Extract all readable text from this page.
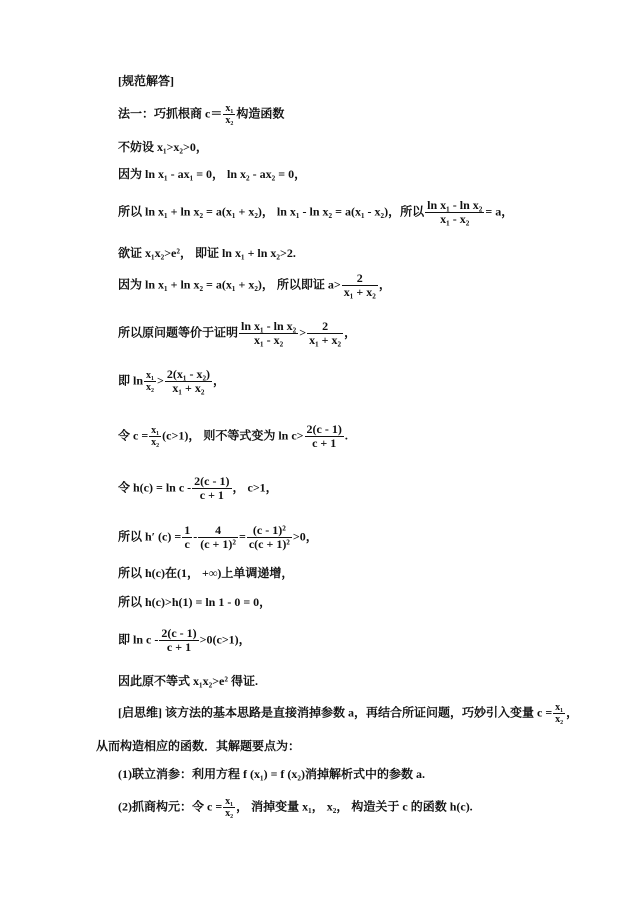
[规范解答]
法一：巧抓根商 $c= \frac{\text{x₁}}{\text{x₂}}$ 构造函数
不妨设 x₁>x₂>0，
因为 ln x₁ - ax₁ = 0， ln x₂ - ax₂ = 0，
所以 ln x₁ + ln x₂ = a(x₁ + x₂)， ln x₁ - ln x₂ = a(x₁ - x₂)，所以 $\frac{\text{ln x₁ - ln x₂}}{\text{x₁ - x₂}} = a$，
欲证 x₁x₂>e²， 即证 ln x₁ + ln x₂>2.
因为 ln x₁ + ln x₂ = a(x₁ + x₂)， 所以即证 $a> \frac{2}{\text{x₁ + x₂}}$ ，
所以原问题等价于证明 $\frac{\text{ln x₁ - ln x₂}}{\text{x₁ - x₂}} > \frac{2}{\text{x₁ + x₂}}$ ，
即 $\ln \frac{\text{x₁}}{\text{x₂}} > \frac{\text{2(x₁ - x₂)}}{\text{x₁ + x₂}}$ ，
令 $c = \frac{\text{x₁}}{\text{x₂}} (c>1)$， 则不等式变为 $\ln c> \frac{2(c - 1)}{c + 1}$ .
令 $h(c) = \ln c - \frac{2(c - 1)}{c + 1}$ ， c>1，
所以 h′ $(c) = \frac{1}{c} - \frac{4}{\text{(c + 1)²}} = \frac{\text{(c - 1)²}}{\text{c(c + 1)²}} >0$，
所以 h(c)在(1， +∞)上单调递增，
所以 h(c)>h(1) = ln 1 - 0 = 0，
即 $\ln c - \frac{2(c - 1)}{c + 1} >0(c>1)$，
因此原不等式 x₁x₂>e² 得证.
[启思维] 该方法的基本思路是直接消掉参数 a，再结合所证问题，巧妙引入变量 $c = \frac{\text{x₁}}{\text{x₂}}$ ，
从而构造相应的函数．其解题要点为：
(1)联立消参：利用方程 f (x₁) = f (x₂)消掉解析式中的参数 a.
(2)抓商构元：令 $c = \frac{\text{x₁}}{\text{x₂}}$ ， 消掉变量 x₁， x₂， 构造关于 c 的函数 h(c).
